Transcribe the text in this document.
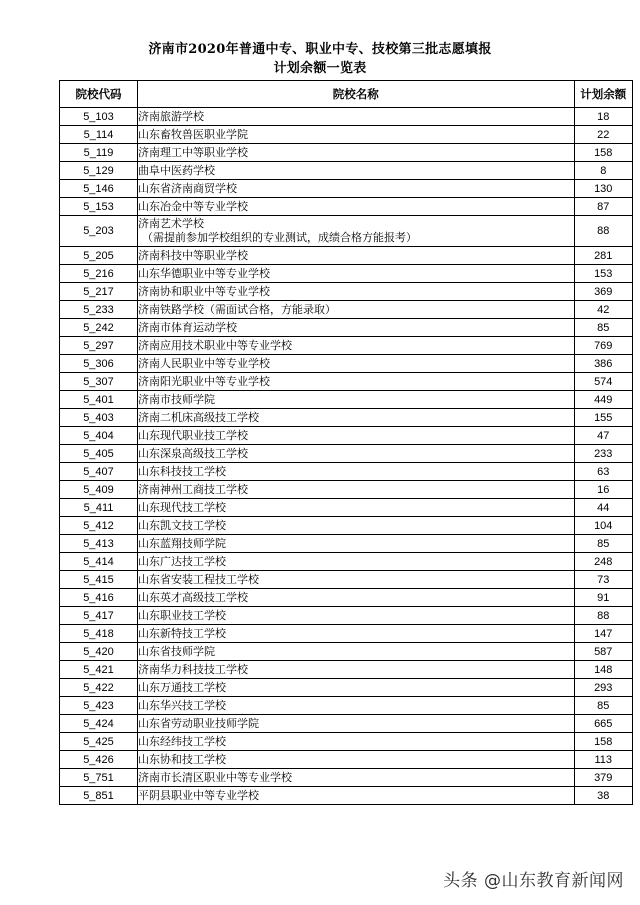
济南市2020年普通中专、职业中专、技校第三批志愿填报
计划余额一览表
院校代码	院校名称	计划余额
5_103	济南旅游学校	18
5_114	山东畜牧兽医职业学院	22
5_119	济南理工中等职业学校	158
5_129	曲阜中医药学校	8
5_146	山东省济南商贸学校	130
5_153	山东冶金中等专业学校	87
5_203	济南艺术学校
（需提前参加学校组织的专业测试，成绩合格方能报考）	88
5_205	济南科技中等职业学校	281
5_216	山东华德职业中等专业学校	153
5_217	济南协和职业中等专业学校	369
5_233	济南铁路学校（需面试合格，方能录取）	42
5_242	济南市体育运动学校	85
5_297	济南应用技术职业中等专业学校	769
5_306	济南人民职业中等专业学校	386
5_307	济南阳光职业中等专业学校	574
5_401	济南市技师学院	449
5_403	济南二机床高级技工学校	155
5_404	山东现代职业技工学校	47
5_405	山东深泉高级技工学校	233
5_407	山东科技技工学校	63
5_409	济南神州工商技工学校	16
5_411	山东现代技工学校	44
5_412	山东凯文技工学校	104
5_413	山东蓝翔技师学院	85
5_414	山东广达技工学校	248
5_415	山东省安装工程技工学校	73
5_416	山东英才高级技工学校	91
5_417	山东职业技工学校	88
5_418	山东新特技工学校	147
5_420	山东省技师学院	587
5_421	济南华力科技技工学校	148
5_422	山东万通技工学校	293
5_423	山东华兴技工学校	85
5_424	山东省劳动职业技师学院	665
5_425	山东经纬技工学校	158
5_426	山东协和技工学校	113
5_751	济南市长清区职业中等专业学校	379
5_851	平阴县职业中等专业学校	38
头条 @山东教育新闻网
